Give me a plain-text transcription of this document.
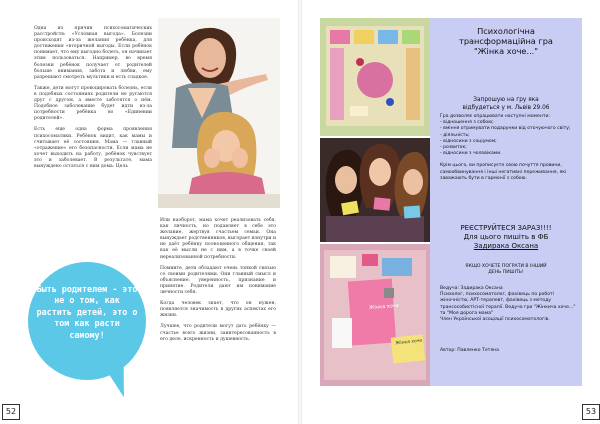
Одна из причин психосоматических расстройств: «Условная выгода». Болезни происходят из-за желания ребёнка, для достижения «вторичной выгоды. Если ребёнок понимает, что ему выгодно болеть, он начинает этим пользоваться. Например, во время болезни ребёнок получает от родителей больше внимания, забота и любви, ему разрешают смотреть мультики и есть сладкое.

Также, дети могут провоцировать болезнь, если в подобных состояниях родители не ругаются друг с другом, а вместе заботятся о нём. Подобное заболевание будет идти из-за потребности ребёнка во «Единении родителей».

Есть еще одна форма проявления психосоматики. Ребёнок видит, как мамы и считывает её состояния. Мама — главный «отражение» его безопасности. Если мама не хочет выходить на работу, ребёнок чувствует это и заболевает. В результате, мама вынуждено остаться с ним дома. Цель

Или наоборот, мама хочет реализовать себя, как личность, но подавляет в себе это желание, жертвуя счастьем семьи. Она вынуждает родственников, выгорает изнутри и не даёт ребёнку полноценного общения, так как её мысли не с ним, а в точке своей нереализованной потребности.

Помните, дети обладают очень тонкой связью со своими родителями. Они главный смысл и объяснение, уверенность, признание и принятие. Родители дают им понимание личности себя.

Когда человек знает, что он нужен, появляется значимость в других аспектах его жизни.

Лучшее, что родители могут дать ребёнку — счастье всего жизни, заинтересованность в его деле, искренность и душевность.

Быть родителем - это не о том, как растить детей, это о том как расти самому!
52	53
Жінка хоче
Жінка хоче
Психологічна
трансформаційна гра
"Жінка хоче..."
Запрошую на гру яка
відбудеться у м. Львів 29.06

Гра дозволяє опрацювати наступні моменти:

- відношення з собою;
- вміння отримувати подарунки від оточуючого світу;
- діяльність;
- відносини з соціумом;
- розвиток;
- відносини з чоловіками.

Крім цього, ви прописуєте свою почуття провини, самообвинування і інші негативні переживання, які заважають бути в гармонії з собою.

РЕЄСТРУЙТЕСЯ ЗАРАЗ!!!!
Для цього пишіть в ФБ
Задирака Оксана
ЯКЩО ХОЧЕТЕ ПОГРАТИ В ІНШИЙ
ДЕНЬ ПИШІТЬ!

Ведуча: Задирака Оксана

Психолог, психосоматолог, фахівець по роботі жіночністю, АРТ-терапевт, фахівець з методу трансособистісної терапії. Ведуча гри "Жінкича хоче..." та "Моя дорога мама"

Член Української асоціації психосоматологів.

Автор: Павленко Тетяна
